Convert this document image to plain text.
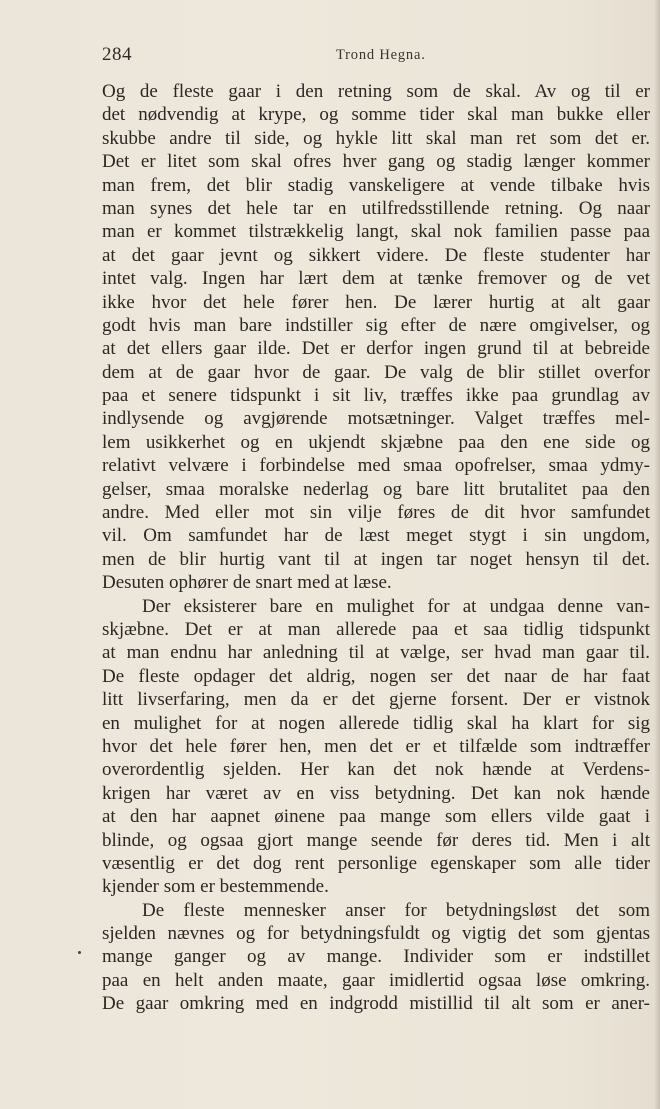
284	Trond Hegna.
Og de fleste gaar i den retning som de skal. Av og til er
det nødvendig at krype, og somme tider skal man bukke eller
skubbe andre til side, og hykle litt skal man ret som det er.
Det er litet som skal ofres hver gang og stadig længer kommer
man frem, det blir stadig vanskeligere at vende tilbake hvis
man synes det hele tar en utilfredsstillende retning. Og naar
man er kommet tilstrækkelig langt, skal nok familien passe paa
at det gaar jevnt og sikkert videre. De fleste studenter har
intet valg. Ingen har lært dem at tænke fremover og de vet
ikke hvor det hele fører hen. De lærer hurtig at alt gaar
godt hvis man bare indstiller sig efter de nære omgivelser, og
at det ellers gaar ilde. Det er derfor ingen grund til at bebreide
dem at de gaar hvor de gaar. De valg de blir stillet overfor
paa et senere tidspunkt i sit liv, træffes ikke paa grundlag av
indlysende og avgjørende motsætninger. Valget træffes mel-
lem usikkerhet og en ukjendt skjæbne paa den ene side og
relativt velvære i forbindelse med smaa opofrelser, smaa ydmy-
gelser, smaa moralske nederlag og bare litt brutalitet paa den
andre. Med eller mot sin vilje føres de dit hvor samfundet
vil. Om samfundet har de læst meget stygt i sin ungdom,
men de blir hurtig vant til at ingen tar noget hensyn til det.
Desuten ophører de snart med at læse.
Der eksisterer bare en mulighet for at undgaa denne van-
skjæbne. Det er at man allerede paa et saa tidlig tidspunkt
at man endnu har anledning til at vælge, ser hvad man gaar til.
De fleste opdager det aldrig, nogen ser det naar de har faat
litt livserfaring, men da er det gjerne forsent. Der er vistnok
en mulighet for at nogen allerede tidlig skal ha klart for sig
hvor det hele fører hen, men det er et tilfælde som indtræffer
overordentlig sjelden. Her kan det nok hænde at Verdens-
krigen har været av en viss betydning. Det kan nok hænde
at den har aapnet øinene paa mange som ellers vilde gaat i
blinde, og ogsaa gjort mange seende før deres tid. Men i alt
væsentlig er det dog rent personlige egenskaper som alle tider
kjender som er bestemmende.
De fleste mennesker anser for betydningsløst det som
sjelden nævnes og for betydningsfuldt og vigtig det som gjentas
mange ganger og av mange. Individer som er indstillet
paa en helt anden maate, gaar imidlertid ogsaa løse omkring.
De gaar omkring med en indgrodd mistillid til alt som er aner-
